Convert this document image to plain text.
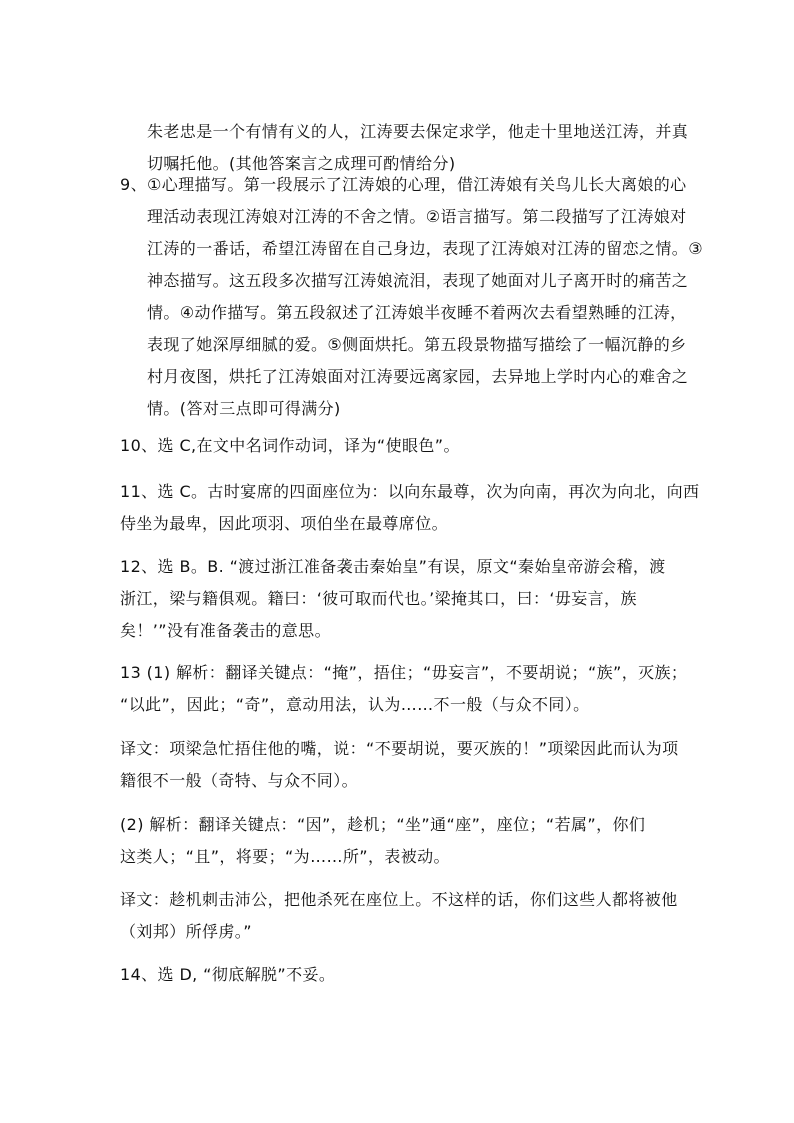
朱老忠是一个有情有义的人，江涛要去保定求学，他走十里地送江涛，并真
切嘱托他。(其他答案言之成理可酌情给分)
9、 ①心理描写。第一段展示了江涛娘的心理，借江涛娘有关鸟儿长大离娘的心
理活动表现江涛娘对江涛的不舍之情。②语言描写。第二段描写了江涛娘对
江涛的一番话，希望江涛留在自己身边，表现了江涛娘对江涛的留恋之情。③
神态描写。这五段多次描写江涛娘流泪，表现了她面对儿子离开时的痛苦之
情。④动作描写。第五段叙述了江涛娘半夜睡不着两次去看望熟睡的江涛，
表现了她深厚细腻的爱。⑤侧面烘托。第五段景物描写描绘了一幅沉静的乡
村月夜图，烘托了江涛娘面对江涛要远离家园，去异地上学时内心的难舍之
情。(答对三点即可得满分)
10、选 C,在文中名词作动词，译为“使眼色”。
11、选 C。古时宴席的四面座位为：以向东最尊，次为向南，再次为向北，向西
侍坐为最卑，因此项羽、项伯坐在最尊席位。
12、选 B。B. “渡过浙江准备袭击秦始皇”有误，原文“秦始皇帝游会稽，渡
浙江，梁与籍俱观。籍曰：‘彼可取而代也。’梁掩其口，曰：‘毋妄言，族
矣！’”没有准备袭击的意思。
13 (1) 解析：翻译关键点：“掩”，捂住；“毋妄言”，不要胡说；“族”，灭族；
“以此”，因此；“奇”，意动用法，认为……不一般（与众不同）。
译文：项梁急忙捂住他的嘴，说：“不要胡说，要灭族的！”项梁因此而认为项
籍很不一般（奇特、与众不同）。
(2) 解析：翻译关键点：“因”，趁机；“坐”通“座”，座位；“若属”，你们
这类人；“且”，将要；“为……所”，表被动。
译文：趁机刺击沛公，把他杀死在座位上。不这样的话，你们这些人都将被他
（刘邦）所俘虏。”
14、选 D, “彻底解脱”不妥。
